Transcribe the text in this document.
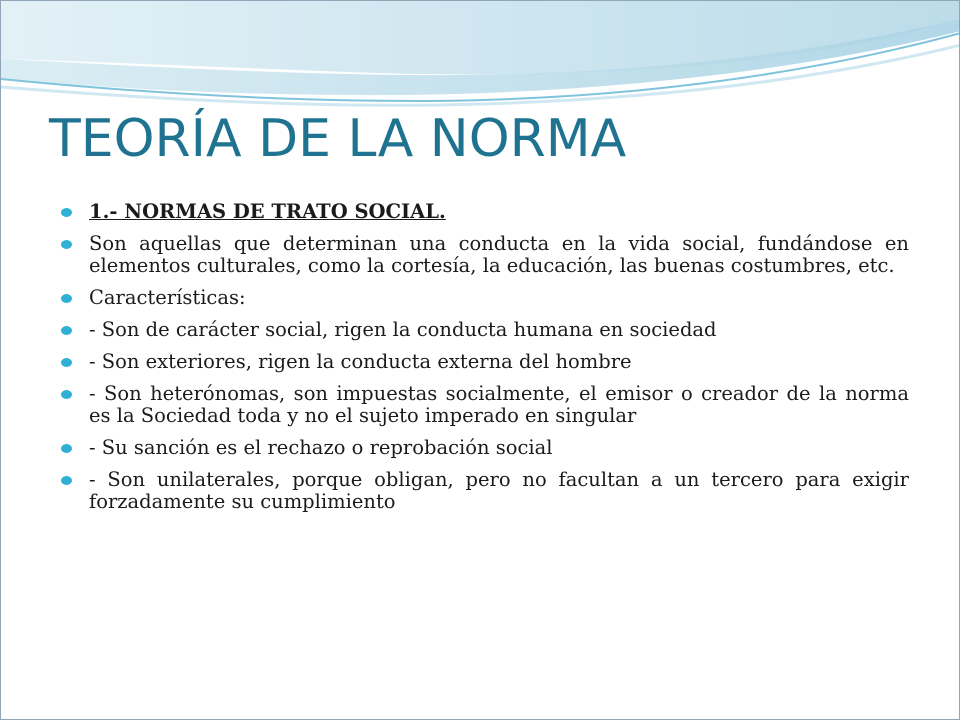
TEORÍA DE LA NORMA
1.- NORMAS DE TRATO SOCIAL.
Son aquellas que determinan una conducta en la vida social, fundándose en elementos culturales, como la cortesía, la educación, las buenas costumbres, etc.
Características:
- Son de carácter social, rigen la conducta humana en sociedad
- Son exteriores, rigen la conducta externa del hombre
- Son heterónomas, son impuestas socialmente, el emisor o creador de la norma es la Sociedad toda y no el sujeto imperado en singular
- Su sanción es el rechazo o reprobación social
- Son unilaterales, porque obligan, pero no facultan a un tercero para exigir forzadamente su cumplimiento
